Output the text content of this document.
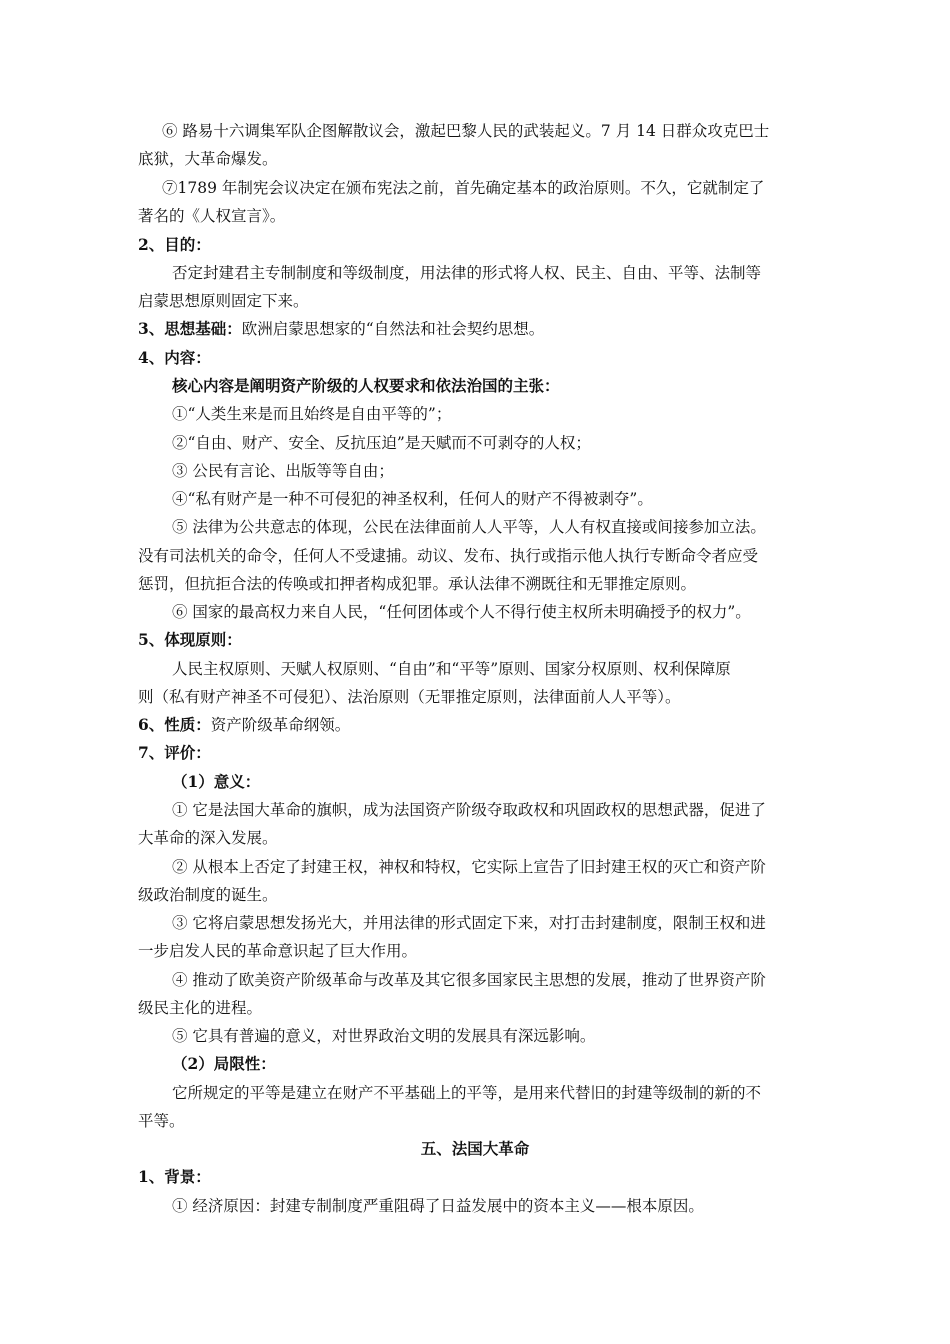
⑥ 路易十六调集军队企图解散议会，激起巴黎人民的武装起义。7 月 14 日群众攻克巴士
底狱，大革命爆发。
⑦1789 年制宪会议决定在颁布宪法之前，首先确定基本的政治原则。不久，它就制定了
著名的《人权宣言》。
2、目的：
否定封建君主专制制度和等级制度，用法律的形式将人权、民主、自由、平等、法制等
启蒙思想原则固定下来。
3、思想基础：欧洲启蒙思想家的“自然法和社会契约思想。
4、内容：
核心内容是阐明资产阶级的人权要求和依法治国的主张：
①“人类生来是而且始终是自由平等的”；
②“自由、财产、安全、反抗压迫”是天赋而不可剥夺的人权；
③ 公民有言论、出版等等自由；
④“私有财产是一种不可侵犯的神圣权利，任何人的财产不得被剥夺”。
⑤ 法律为公共意志的体现，公民在法律面前人人平等，人人有权直接或间接参加立法。
没有司法机关的命令，任何人不受逮捕。动议、发布、执行或指示他人执行专断命令者应受
惩罚，但抗拒合法的传唤或扣押者构成犯罪。承认法律不溯既往和无罪推定原则。
⑥ 国家的最高权力来自人民，“任何团体或个人不得行使主权所未明确授予的权力”。
5、体现原则：
人民主权原则、天赋人权原则、“自由”和“平等”原则、国家分权原则、权利保障原
则（私有财产神圣不可侵犯）、法治原则（无罪推定原则，法律面前人人平等）。
6、性质：资产阶级革命纲领。
7、评价：
（1）意义：
① 它是法国大革命的旗帜，成为法国资产阶级夺取政权和巩固政权的思想武器，促进了
大革命的深入发展。
② 从根本上否定了封建王权，神权和特权，它实际上宣告了旧封建王权的灭亡和资产阶
级政治制度的诞生。
③ 它将启蒙思想发扬光大，并用法律的形式固定下来，对打击封建制度，限制王权和进
一步启发人民的革命意识起了巨大作用。
④ 推动了欧美资产阶级革命与改革及其它很多国家民主思想的发展，推动了世界资产阶
级民主化的进程。
⑤ 它具有普遍的意义，对世界政治文明的发展具有深远影响。
（2）局限性：
它所规定的平等是建立在财产不平基础上的平等，是用来代替旧的封建等级制的新的不
平等。
五、法国大革命
1、背景：
① 经济原因：封建专制制度严重阻碍了日益发展中的资本主义——根本原因。
